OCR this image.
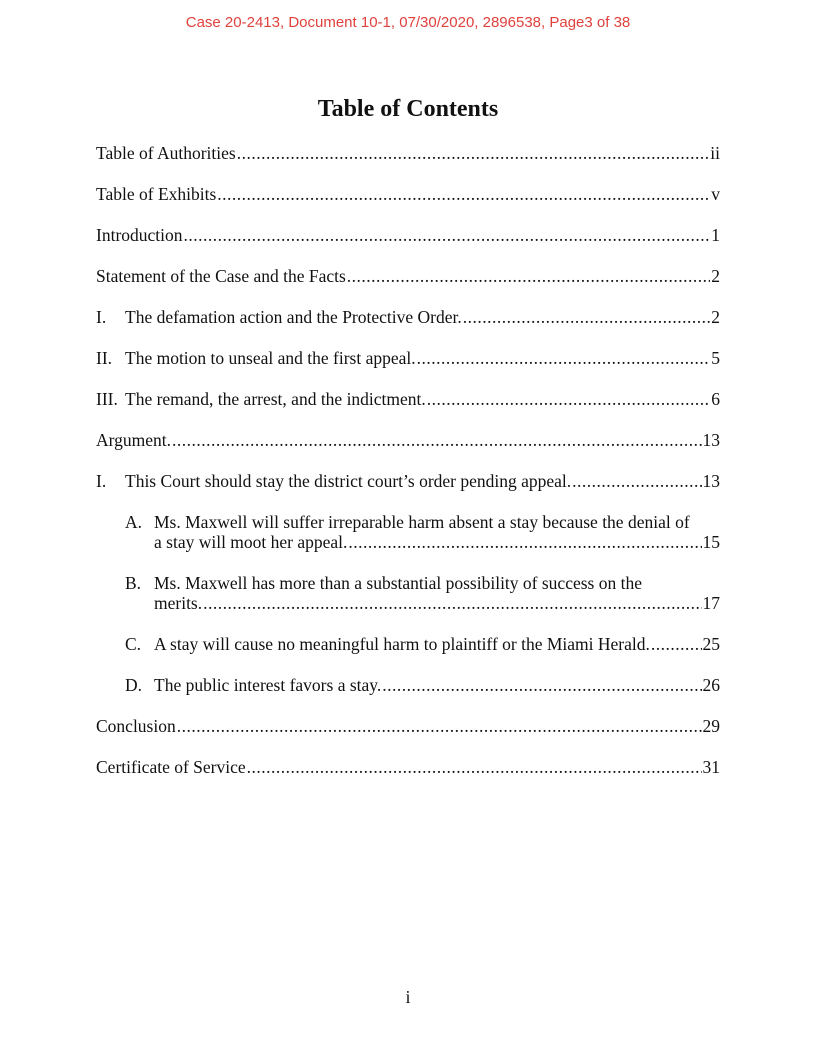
Case 20-2413, Document 10-1, 07/30/2020, 2896538, Page3 of 38
Table of Contents
Table of Authorities .....	ii
Table of Exhibits .....	v
Introduction .....	1
Statement of the Case and the Facts .....	2
I.	The defamation action and the Protective Order. .....	2
II. The motion to unseal and the first appeal. .....	5
III. The remand, the arrest, and the indictment. .....	6
Argument. .....	13
I.	This Court should stay the district court’s order pending appeal. .....	13
A. Ms. Maxwell will suffer irreparable harm absent a stay because the denial of
a stay will moot her appeal. .....	15
B. Ms. Maxwell has more than a substantial possibility of success on the
merits. .....	17
C. A stay will cause no meaningful harm to plaintiff or the Miami Herald. .....	25
D. The public interest favors a stay. .....	26
Conclusion .....	29
Certificate of Service .....	31
i
